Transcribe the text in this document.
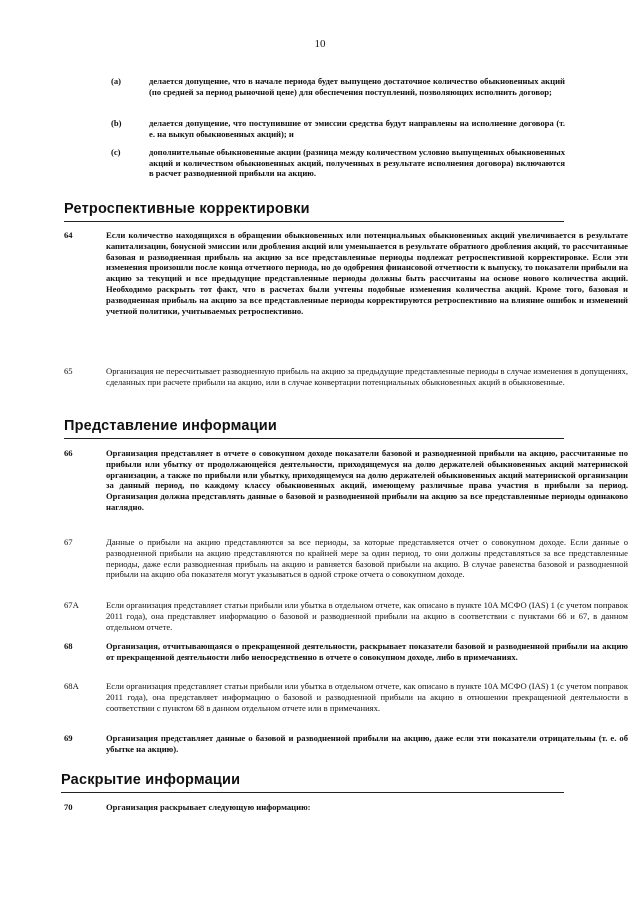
10
(a)	делается допущение, что в начале периода будет выпущено достаточное количество обыкновенных акций (по средней за период рыночной цене) для обеспечения поступлений, позволяющих исполнить договор;
(b)	делается допущение, что поступившие от эмиссии средства будут направлены на исполнение договора (т. е. на выкуп обыкновенных акций); и
(c)	дополнительные обыкновенные акции (разница между количеством условно выпущенных обыкновенных акций и количеством обыкновенных акций, полученных в результате исполнения договора) включаются в расчет разводненной прибыли на акцию.
Ретроспективные корректировки
64	Если количество находящихся в обращении обыкновенных или потенциальных обыкновенных акций увеличивается в результате капитализации, бонусной эмиссии или дробления акций или уменьшается в результате обратного дробления акций, то рассчитанные базовая и разводненная прибыль на акцию за все представленные периоды подлежат ретроспективной корректировке. Если эти изменения произошли после конца отчетного периода, но до одобрения финансовой отчетности к выпуску, то показатели прибыли на акцию за текущий и все предыдущие представленные периоды должны быть рассчитаны на основе нового количества акций. Необходимо раскрыть тот факт, что в расчетах были учтены подобные изменения количества акций. Кроме того, базовая и разводненная прибыль на акцию за все представленные периоды корректируются ретроспективно на влияние ошибок и изменений учетной политики, учитываемых ретроспективно.
65	Организация не пересчитывает разводненную прибыль на акцию за предыдущие представленные периоды в случае изменения в допущениях, сделанных при расчете прибыли на акцию, или в случае конвертации потенциальных обыкновенных акций в обыкновенные.
Представление информации
66	Организация представляет в отчете о совокупном доходе показатели базовой и разводненной прибыли на акцию, рассчитанные по прибыли или убытку от продолжающейся деятельности, приходящемуся на долю держателей обыкновенных акций материнской организации, а также по прибыли или убытку, приходящемуся на долю держателей обыкновенных акций материнской организации за данный период, по каждому классу обыкновенных акций, имеющему различные права участия в прибыли за период. Организация должна представлять данные о базовой и разводненной прибыли на акцию за все представленные периоды одинаково наглядно.
67	Данные о прибыли на акцию представляются за все периоды, за которые представляется отчет о совокупном доходе. Если данные о разводненной прибыли на акцию представляются по крайней мере за один период, то они должны представляться за все представленные периоды, даже если разводненная прибыль на акцию и равняется базовой прибыли на акцию. В случае равенства базовой и разводненной прибыли на акцию оба показателя могут указываться в одной строке отчета о совокупном доходе.
67A	Если организация представляет статьи прибыли или убытка в отдельном отчете, как описано в пункте 10A МСФО (IAS) 1 (с учетом поправок 2011 года), она представляет информацию о базовой и разводненной прибыли на акцию в соответствии с пунктами 66 и 67, в данном отдельном отчете.
68	Организация, отчитывающаяся о прекращенной деятельности, раскрывает показатели базовой и разводненной прибыли на акцию от прекращенной деятельности либо непосредственно в отчете о совокупном доходе, либо в примечаниях.
68A	Если организация представляет статьи прибыли или убытка в отдельном отчете, как описано в пункте 10A МСФО (IAS) 1 (с учетом поправок 2011 года), она представляет информацию о базовой и разводненной прибыли на акцию в отношении прекращенной деятельности в соответствии с пунктом 68 в данном отдельном отчете или в примечаниях.
69	Организация представляет данные о базовой и разводненной прибыли на акцию, даже если эти показатели отрицательны (т. е. об убытке на акцию).
Раскрытие информации
70	Организация раскрывает следующую информацию:
